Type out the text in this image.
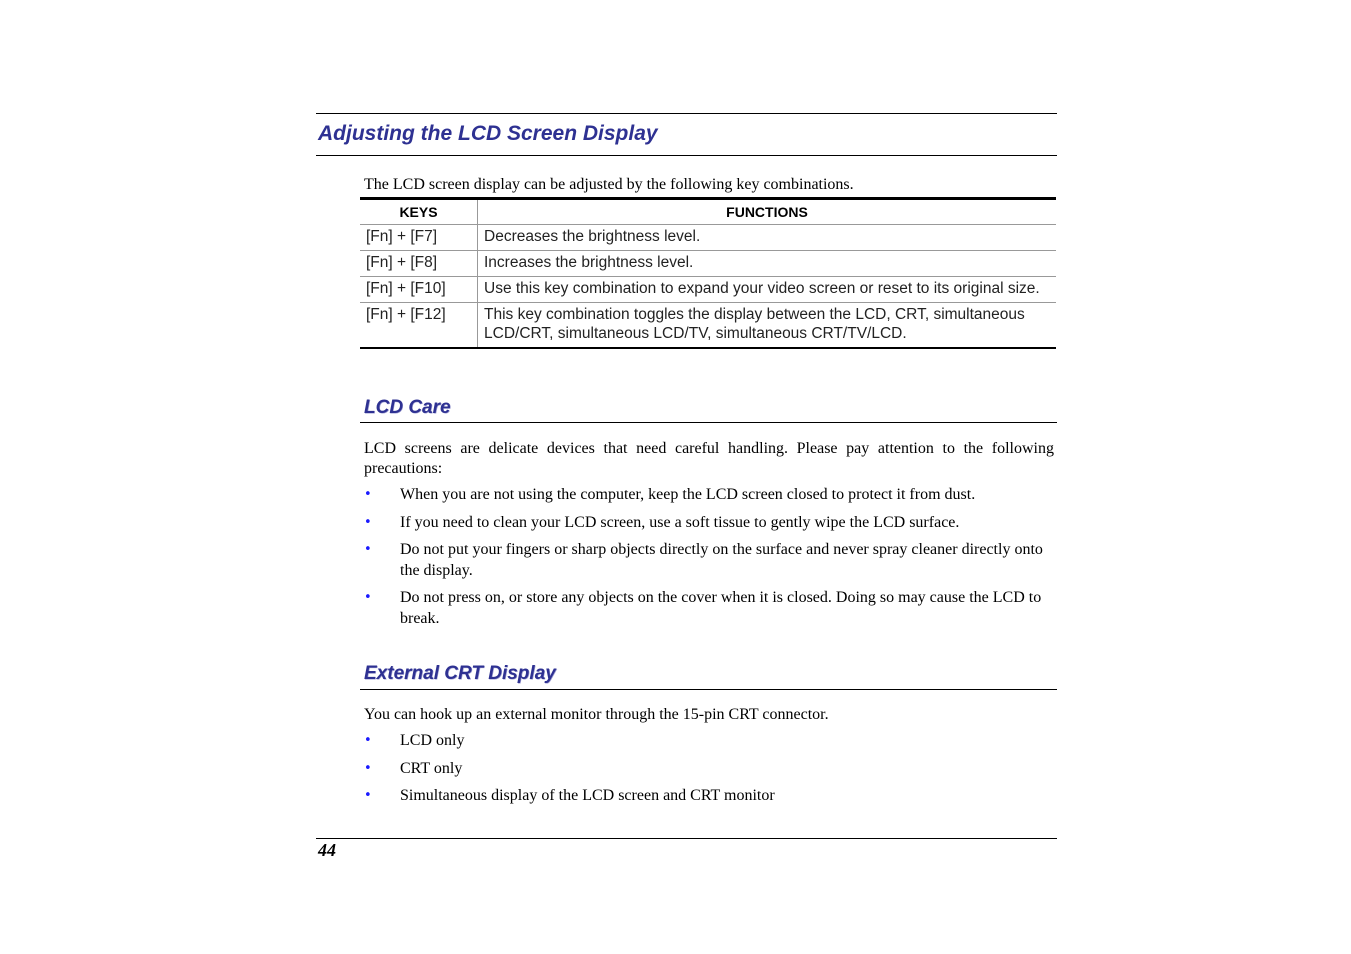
Adjusting the LCD Screen Display

The LCD screen display can be adjusted by the following key combinations.

KEYS	FUNCTIONS
[Fn] + [F7]	Decreases the brightness level.
[Fn] + [F8]	Increases the brightness level.
[Fn] + [F10]	Use this key combination to expand your video screen or reset to its original size.
[Fn] + [F12]	This key combination toggles the display between the LCD, CRT, simultaneous LCD/CRT, simultaneous LCD/TV, simultaneous CRT/TV/LCD.
LCD Care

LCD screens are delicate devices that need careful handling. Please pay attention to the following precautions:

• When you are not using the computer, keep the LCD screen closed to protect it from dust.
• If you need to clean your LCD screen, use a soft tissue to gently wipe the LCD surface.
• Do not put your fingers or sharp objects directly on the surface and never spray cleaner directly onto the display.
• Do not press on, or store any objects on the cover when it is closed. Doing so may cause the LCD to break.
External CRT Display

You can hook up an external monitor through the 15-pin CRT connector.

• LCD only
• CRT only
• Simultaneous display of the LCD screen and CRT monitor

44
